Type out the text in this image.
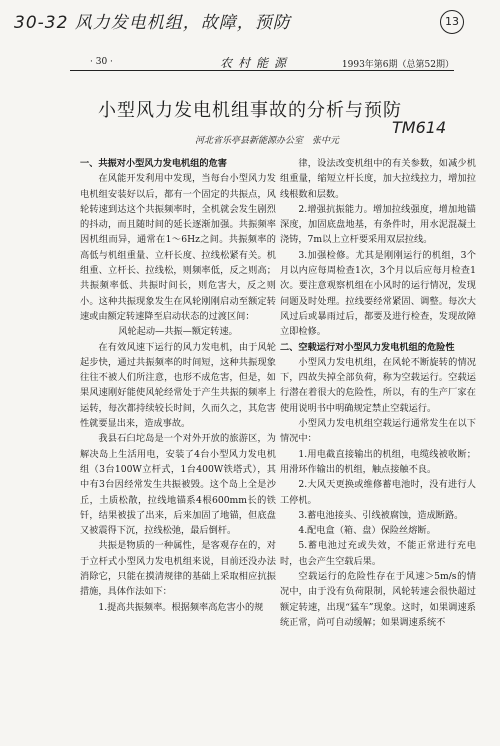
30-32 风力发电机组，故障，预防	13
· 30 ·	农村能源	1993年第6期（总第52期）
小型风力发电机组事故的分析与预防
河北省乐亭县新能源办公室　张中元
TM614

一、共振对小型风力发电机组的危害

在风能开发利用中发现，当每台小型风力发电机组安装好以后，都有一个固定的共振点，风轮转速到达这个共振频率时，全机就会发生剧烈的抖动，而且随时间的延长逐渐加强。共振频率因机组而异，通常在1～6Hz之间。共振频率的高低与机组重量、立杆长度、拉线松紧有关。机组重、立杆长、拉线松，则频率低，反之则高；共振频率低、共振时间长，则危害大，反之则小。这种共振现象发生在风轮刚刚启动至额定转速或由额定转速降至启动状态的过渡区间：

风轮起动—共振—额定转速。

在有效风速下运行的风力发电机，由于风轮起步快，通过共振频率的时间短，这种共振现象往往不被人们所注意，也形不成危害，但是，如果风速刚好能使风轮经常处于产生共振的频率上运转，每次都持续较长时间，久而久之，其危害性就要显出来，造成事故。

我县石臼坨岛是一个对外开放的旅游区，为解决岛上生活用电，安装了4台小型风力发电机组（3台100W立杆式，1台400W铁塔式），其中有3台因经常发生共振被毁。这个岛上全是沙丘，土质松散，拉线地锚系4根600mm长的铁钎，结果被拔了出来，后来加固了地锚，但底盘又被震得下沉，拉线松弛，最后倒杆。

共振是物质的一种属性，是客观存在的，对于立杆式小型风力发电机组来说，目前还没办法消除它，只能在摸清规律的基础上采取相应抗振措施，具体作法如下：

1.提高共振频率。根据频率高危害小的规

律，设法改变机组中的有关参数，如减少机组重量，缩短立杆长度，加大拉线拉力，增加拉线根数和层数。

2.增强抗振能力。增加拉线强度，增加地锚深度，加固底盘地基，有条件时，用水泥混凝土浇铸，7m以上立杆要采用双层拉线。

3.加强检修。尤其是刚刚运行的机组，3个月以内应每周检查1次，3个月以后应每月检查1次。要注意观察机组在小风时的运行情况，发现问题及时处理。拉线要经常紧固、调整。每次大风过后或暴雨过后，都要及进行检查，发现故障立即检修。

二、空载运行对小型风力发电机组的危险性

小型风力发电机组，在风轮不断旋转的情况下，四故失掉全部负荷，称为空载运行。空载运行潜在着很大的危险性，所以，有的生产厂家在使用说明书中明确规定禁止空载运行。

小型风力发电机组空载运行通常发生在以下情况中：

1.用电截直接输出的机组，电缆线被收断；用滑环作输出的机组，触点接触不良。

2.大风天更换或维修蓄电池时，没有进行人工停机。

3.蓄电池接头、引线被腐蚀，造成断路。

4.配电盒（箱、盘）保险丝熔断。

5.蓄电池过充或失效，不能正常进行充电时，也会产生空载后果。

空载运行的危险性存在于风速＞5m/s的情况中，由于没有负荷限制，风轮转速会很快超过额定转速，出现“猛车”现象。这时，如果调速系统正常，尚可自动缓解；如果调速系统不
